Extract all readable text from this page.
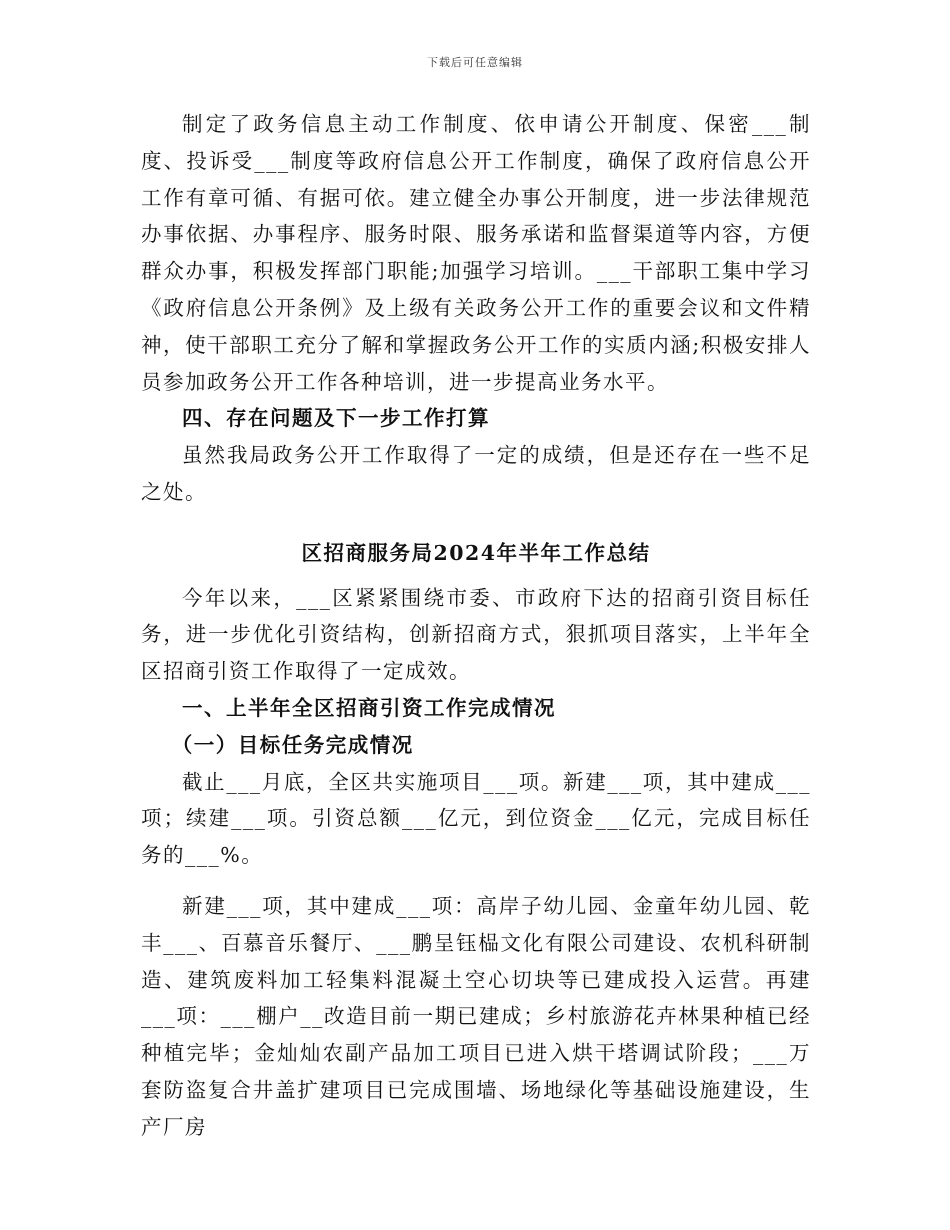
下载后可任意编辑

制定了政务信息主动工作制度、依申请公开制度、保密___制度、投诉受___制度等政府信息公开工作制度，确保了政府信息公开工作有章可循、有据可依。建立健全办事公开制度，进一步法律规范办事依据、办事程序、服务时限、服务承诺和监督渠道等内容，方便群众办事，积极发挥部门职能;加强学习培训。___干部职工集中学习《政府信息公开条例》及上级有关政务公开工作的重要会议和文件精神，使干部职工充分了解和掌握政务公开工作的实质内涵;积极安排人员参加政务公开工作各种培训，进一步提高业务水平。

四、存在问题及下一步工作打算

虽然我局政务公开工作取得了一定的成绩，但是还存在一些不足之处。

区招商服务局2024年半年工作总结

今年以来，___区紧紧围绕市委、市政府下达的招商引资目标任务，进一步优化引资结构，创新招商方式，狠抓项目落实，上半年全区招商引资工作取得了一定成效。

一、上半年全区招商引资工作完成情况

（一）目标任务完成情况

截止___月底，全区共实施项目___项。新建___项，其中建成___项；续建___项。引资总额___亿元，到位资金___亿元，完成目标任务的___%。

新建___项，其中建成___项：高岸子幼儿园、金童年幼儿园、乾丰___、百慕音乐餐厅、___鹏呈钰榀文化有限公司建设、农机科研制造、建筑废料加工轻集料混凝土空心切块等已建成投入运营。再建___项：___棚户__改造目前一期已建成；乡村旅游花卉林果种植已经种植完毕；金灿灿农副产品加工项目已进入烘干塔调试阶段；___万套防盗复合井盖扩建项目已完成围墙、场地绿化等基础设施建设，生产厂房
